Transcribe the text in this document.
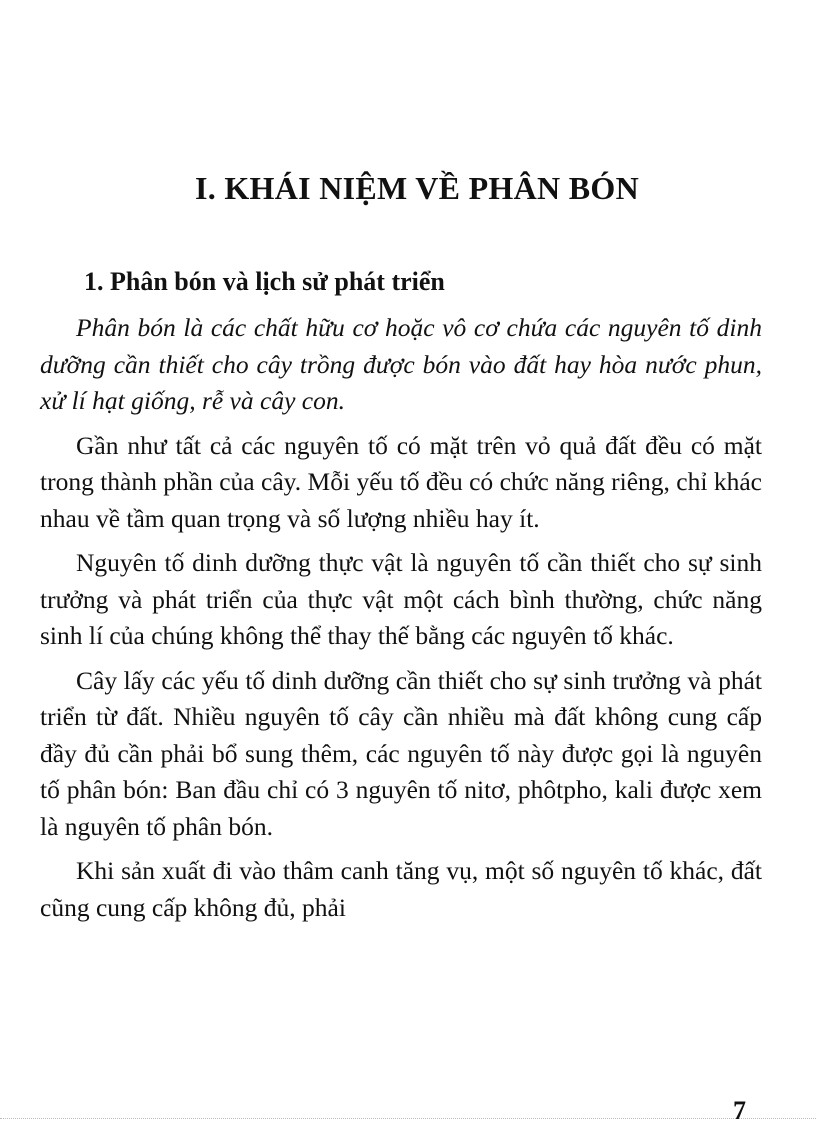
I. KHÁI NIỆM VỀ PHÂN BÓN
1. Phân bón và lịch sử phát triển

Phân bón là các chất hữu cơ hoặc vô cơ chứa các nguyên tố dinh dưỡng cần thiết cho cây trồng được bón vào đất hay hòa nước phun, xử lí hạt giống, rễ và cây con.

Gần như tất cả các nguyên tố có mặt trên vỏ quả đất đều có mặt trong thành phần của cây. Mỗi yếu tố đều có chức năng riêng, chỉ khác nhau về tầm quan trọng và số lượng nhiều hay ít.

Nguyên tố dinh dưỡng thực vật là nguyên tố cần thiết cho sự sinh trưởng và phát triển của thực vật một cách bình thường, chức năng sinh lí của chúng không thể thay thế bằng các nguyên tố khác.

Cây lấy các yếu tố dinh dưỡng cần thiết cho sự sinh trưởng và phát triển từ đất. Nhiều nguyên tố cây cần nhiều mà đất không cung cấp đầy đủ cần phải bổ sung thêm, các nguyên tố này được gọi là nguyên tố phân bón: Ban đầu chỉ có 3 nguyên tố nitơ, phôtpho, kali được xem là nguyên tố phân bón.

Khi sản xuất đi vào thâm canh tăng vụ, một số nguyên tố khác, đất cũng cung cấp không đủ, phải

7
